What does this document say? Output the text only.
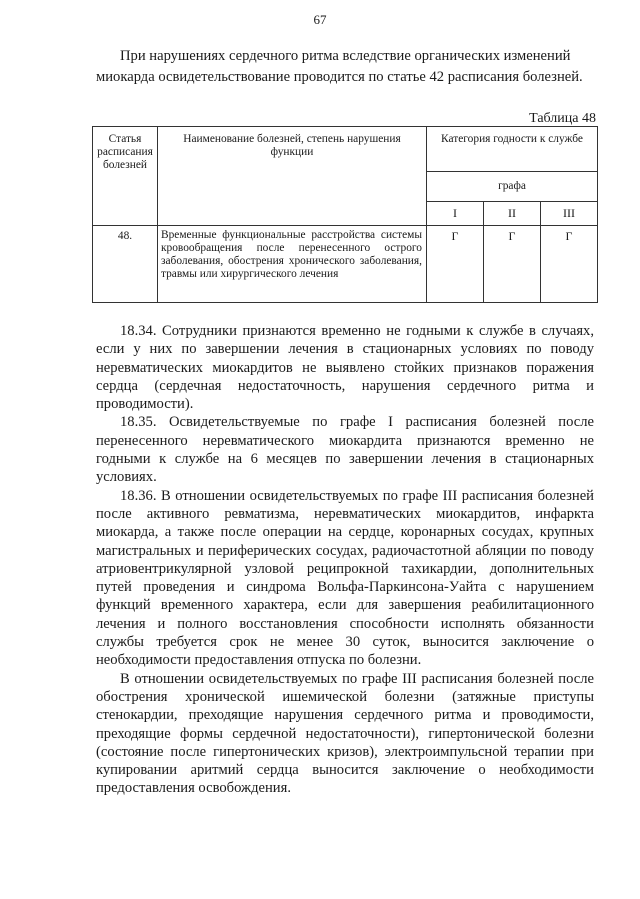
67
При нарушениях сердечного ритма вследствие органических изменений
миокарда освидетельствование проводится по статье 42 расписания болезней.
Таблица 48
Статья расписания болезней	Наименование болезней, степень нарушения функции	Категория годности к службе		
		графа		
		I	II	III
48.	Временные функциональные расстройства системы кровообращения после перенесенного острого заболевания, обострения хронического заболевания, травмы или хирургического лечения	Г	Г	Г

18.34. Сотрудники признаются временно не годными к службе в случаях, если у них по завершении лечения в стационарных условиях по поводу неревматических миокардитов не выявлено стойких признаков поражения сердца (сердечная недостаточность, нарушения сердечного ритма и проводимости).

18.35. Освидетельствуемые по графе I расписания болезней после перенесенного неревматического миокардита признаются временно не годными к службе на 6 месяцев по завершении лечения в стационарных условиях.

18.36. В отношении освидетельствуемых по графе III расписания болезней после активного ревматизма, неревматических миокардитов, инфаркта миокарда, а также после операции на сердце, коронарных сосудах, крупных магистральных и периферических сосудах, радиочастотной абляции по поводу атриовентрикулярной узловой реципрокной тахикардии, дополнительных путей проведения и синдрома Вольфа-Паркинсона-Уайта с нарушением функций временного характера, если для завершения реабилитационного лечения и полного восстановления способности исполнять обязанности службы требуется срок не менее 30 суток, выносится заключение о необходимости предоставления отпуска по болезни.

В отношении освидетельствуемых по графе III расписания болезней после обострения хронической ишемической болезни (затяжные приступы стенокардии, преходящие нарушения сердечного ритма и проводимости, преходящие формы сердечной недостаточности), гипертонической болезни (состояние после гипертонических кризов), электроимпульсной терапии при купировании аритмий сердца выносится заключение о необходимости предоставления освобождения.
